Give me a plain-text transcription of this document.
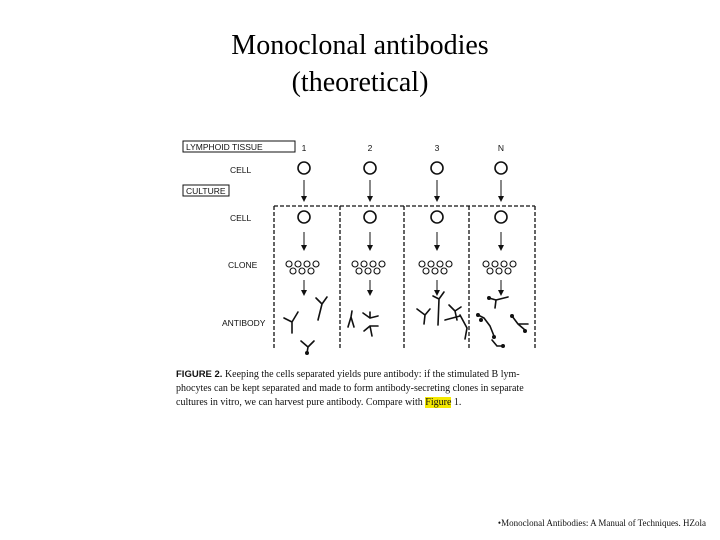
Monoclonal antibodies
(theoretical)
LYMPHOID TISSUE
CELL
CULTURE
CELL
CLONE
ANTIBODY
1	2	3	N
FIGURE 2. Keeping the cells separated yields pure antibody: if the stimulated B lym-phocytes can be kept separated and made to form antibody-secreting clones in separate cultures in vitro, we can harvest pure antibody. Compare with Figure 1.
•Monoclonal Antibodies: A Manual of Techniques. HZola
